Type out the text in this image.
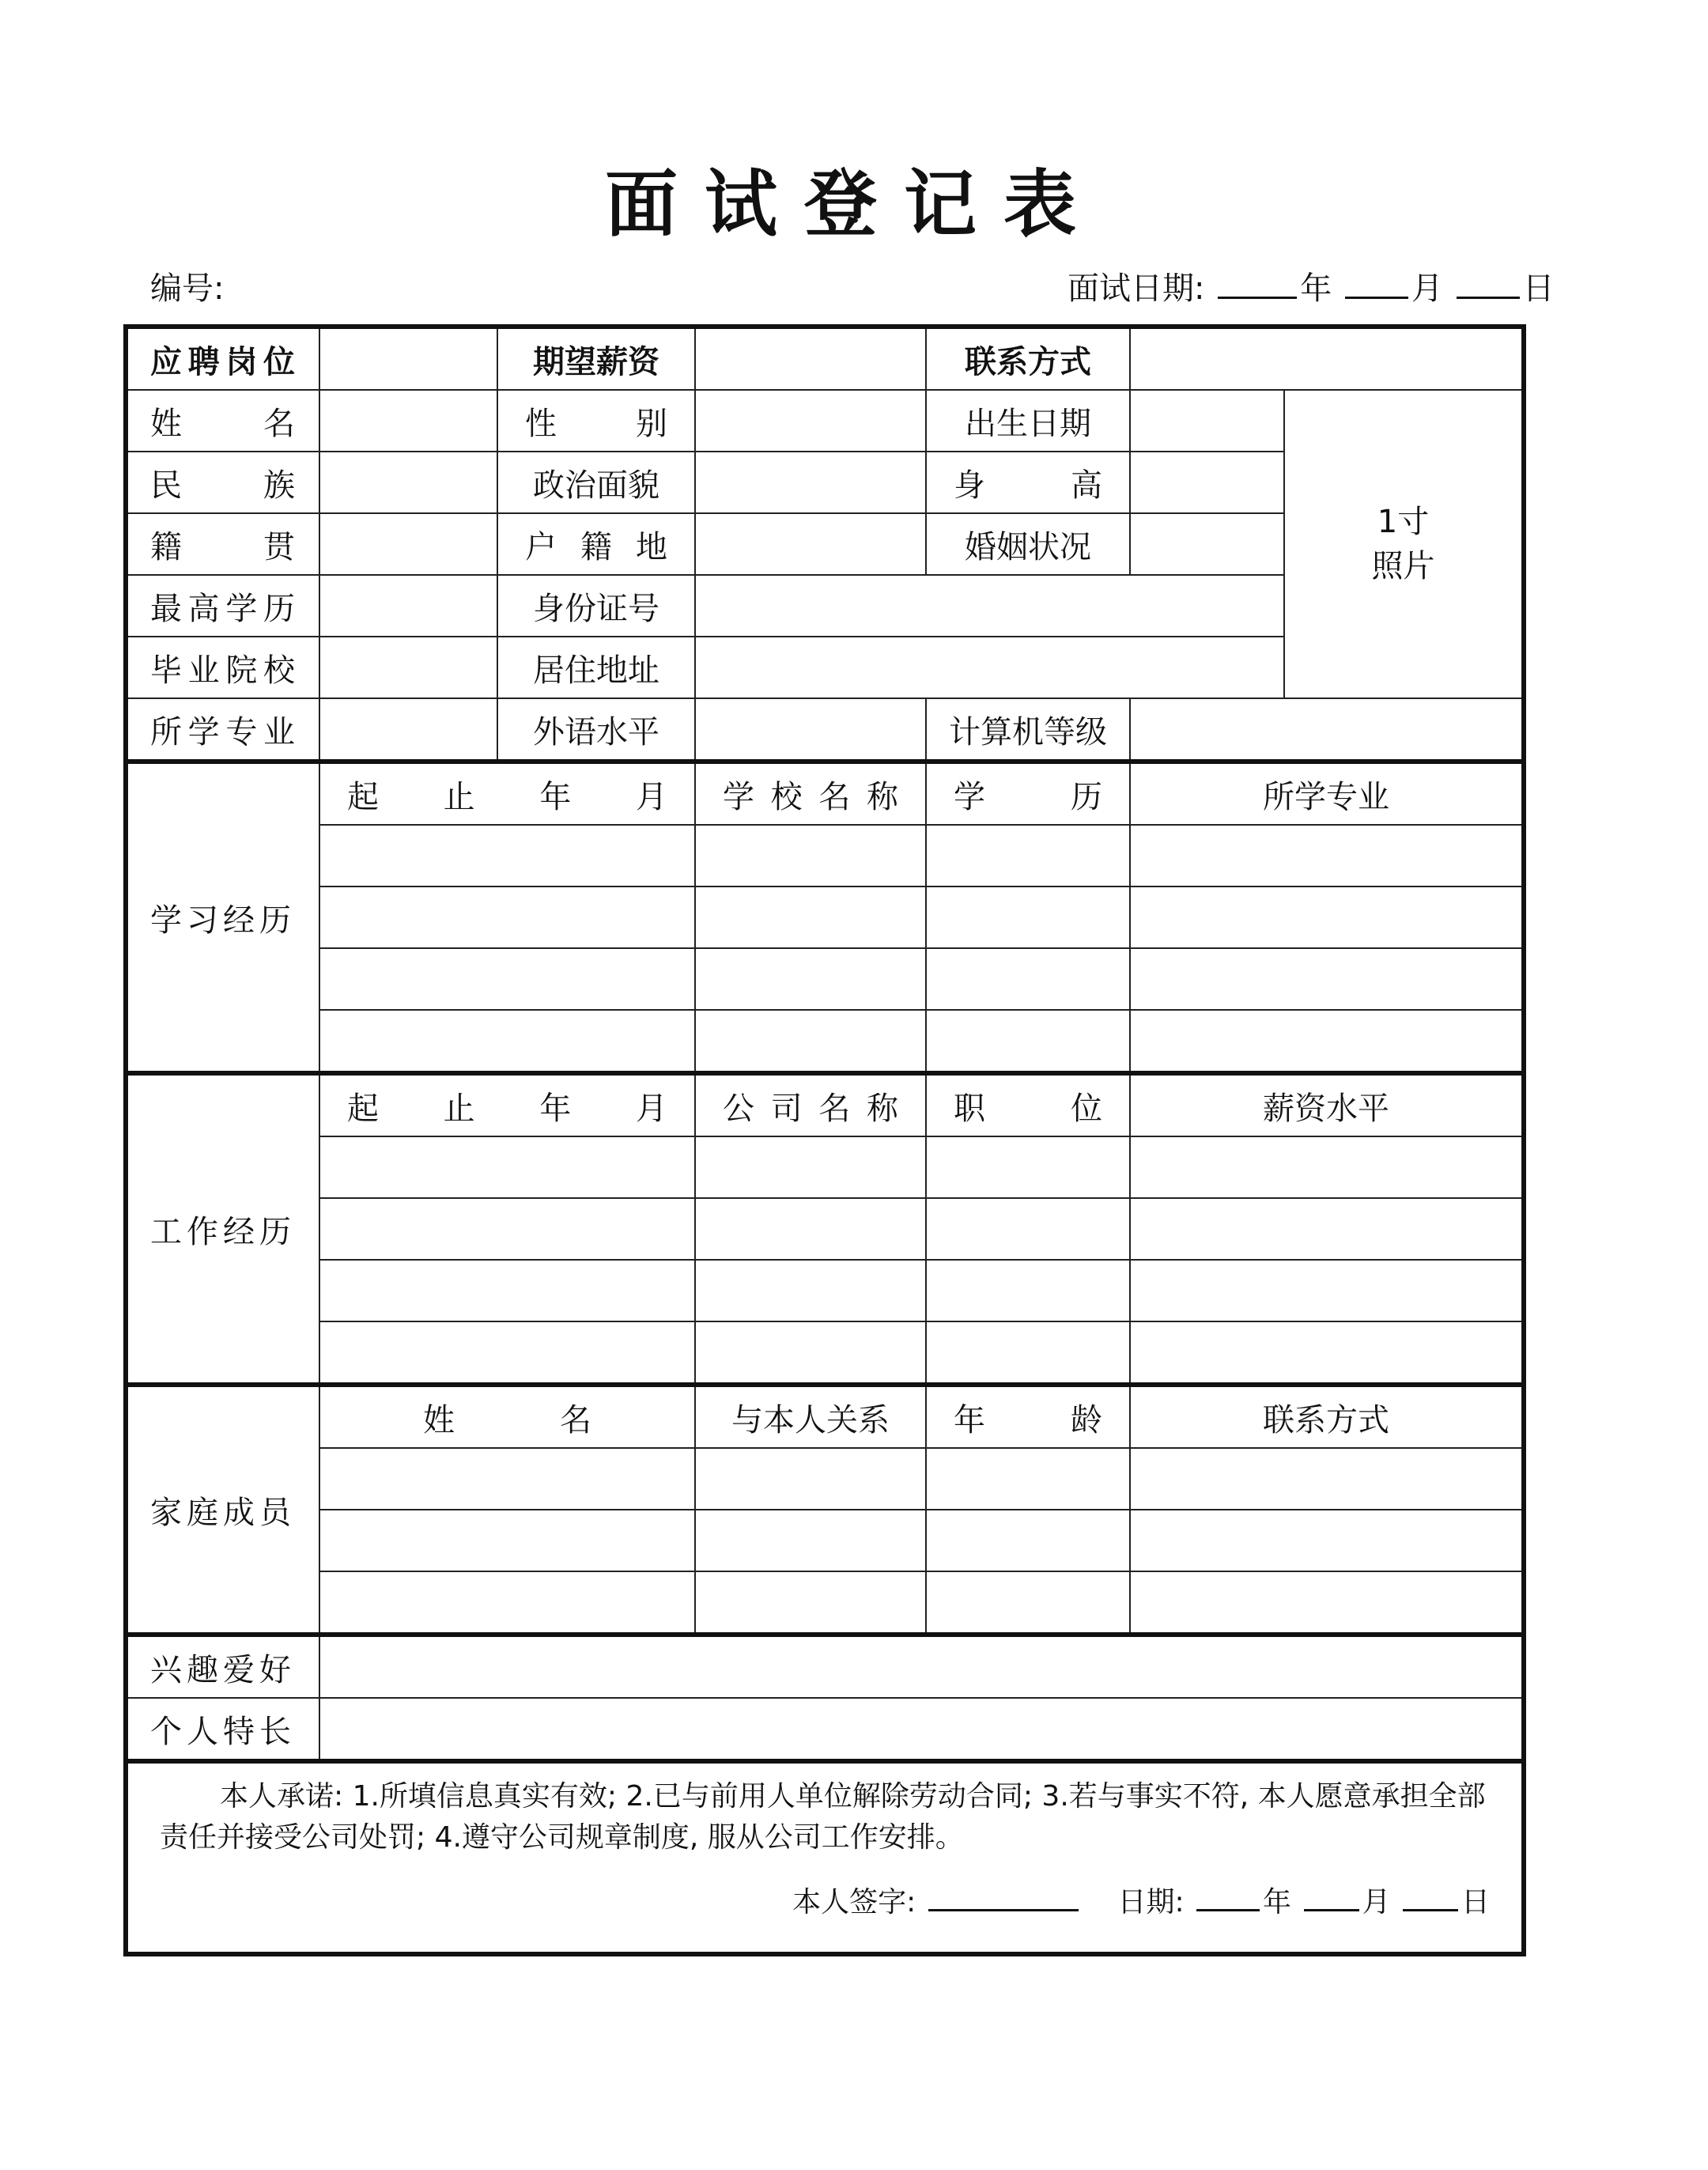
面试登记表
编号:	面试日期:	年	月	日
应聘岗位		期望薪资		联系方式		
姓名		性别		出生日期		1寸
照片

民族		政治面貌		身高		
籍贯		户籍地		婚姻状况		
最高学历		身份证号				
毕业院校		居住地址				
所学专业		外语水平		计算机等级		
学习经历	起止年月		学校名称	学历	所学专业	

工作经历	起止年月		公司名称	职位	薪资水平	

家庭成员	姓名		与本人关系	年龄	联系方式	

兴趣爱好						
个人特长						

本人承诺: 1.所填信息真实有效; 2.已与前用人单位解除劳动合同; 3.若与事实不符, 本人愿意承担全部责任并接受公司处罚; 4.遵守公司规章制度, 服从公司工作安排。
本人签字: 日期: 年 月 日						
